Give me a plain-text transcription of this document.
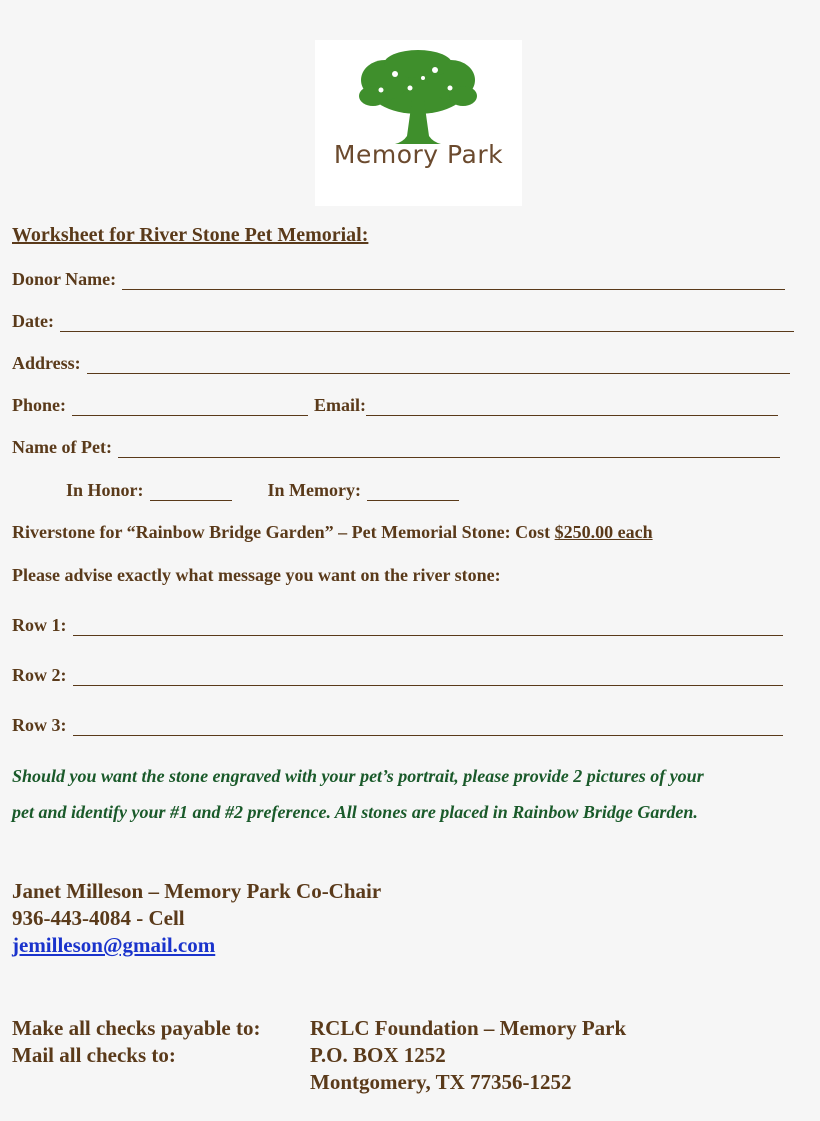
Memory Park
Worksheet for River Stone Pet Memorial:
Donor Name:
Date:
Address:
Phone:	Email:
Name of Pet:
In Honor:	In Memory:
Riverstone for “Rainbow Bridge Garden” – Pet Memorial Stone: Cost $250.00 each
Please advise exactly what message you want on the river stone:
Row 1:
Row 2:
Row 3:
Should you want the stone engraved with your pet’s portrait, please provide 2 pictures of your
pet and identify your #1 and #2 preference. All stones are placed in Rainbow Bridge Garden.
Janet Milleson – Memory Park Co-Chair
936-443-4084 - Cell
jemilleson@gmail.com
Make all checks payable to: RCLC Foundation – Memory Park
Mail all checks to:	P.O. BOX 1252
Montgomery, TX 77356-1252
